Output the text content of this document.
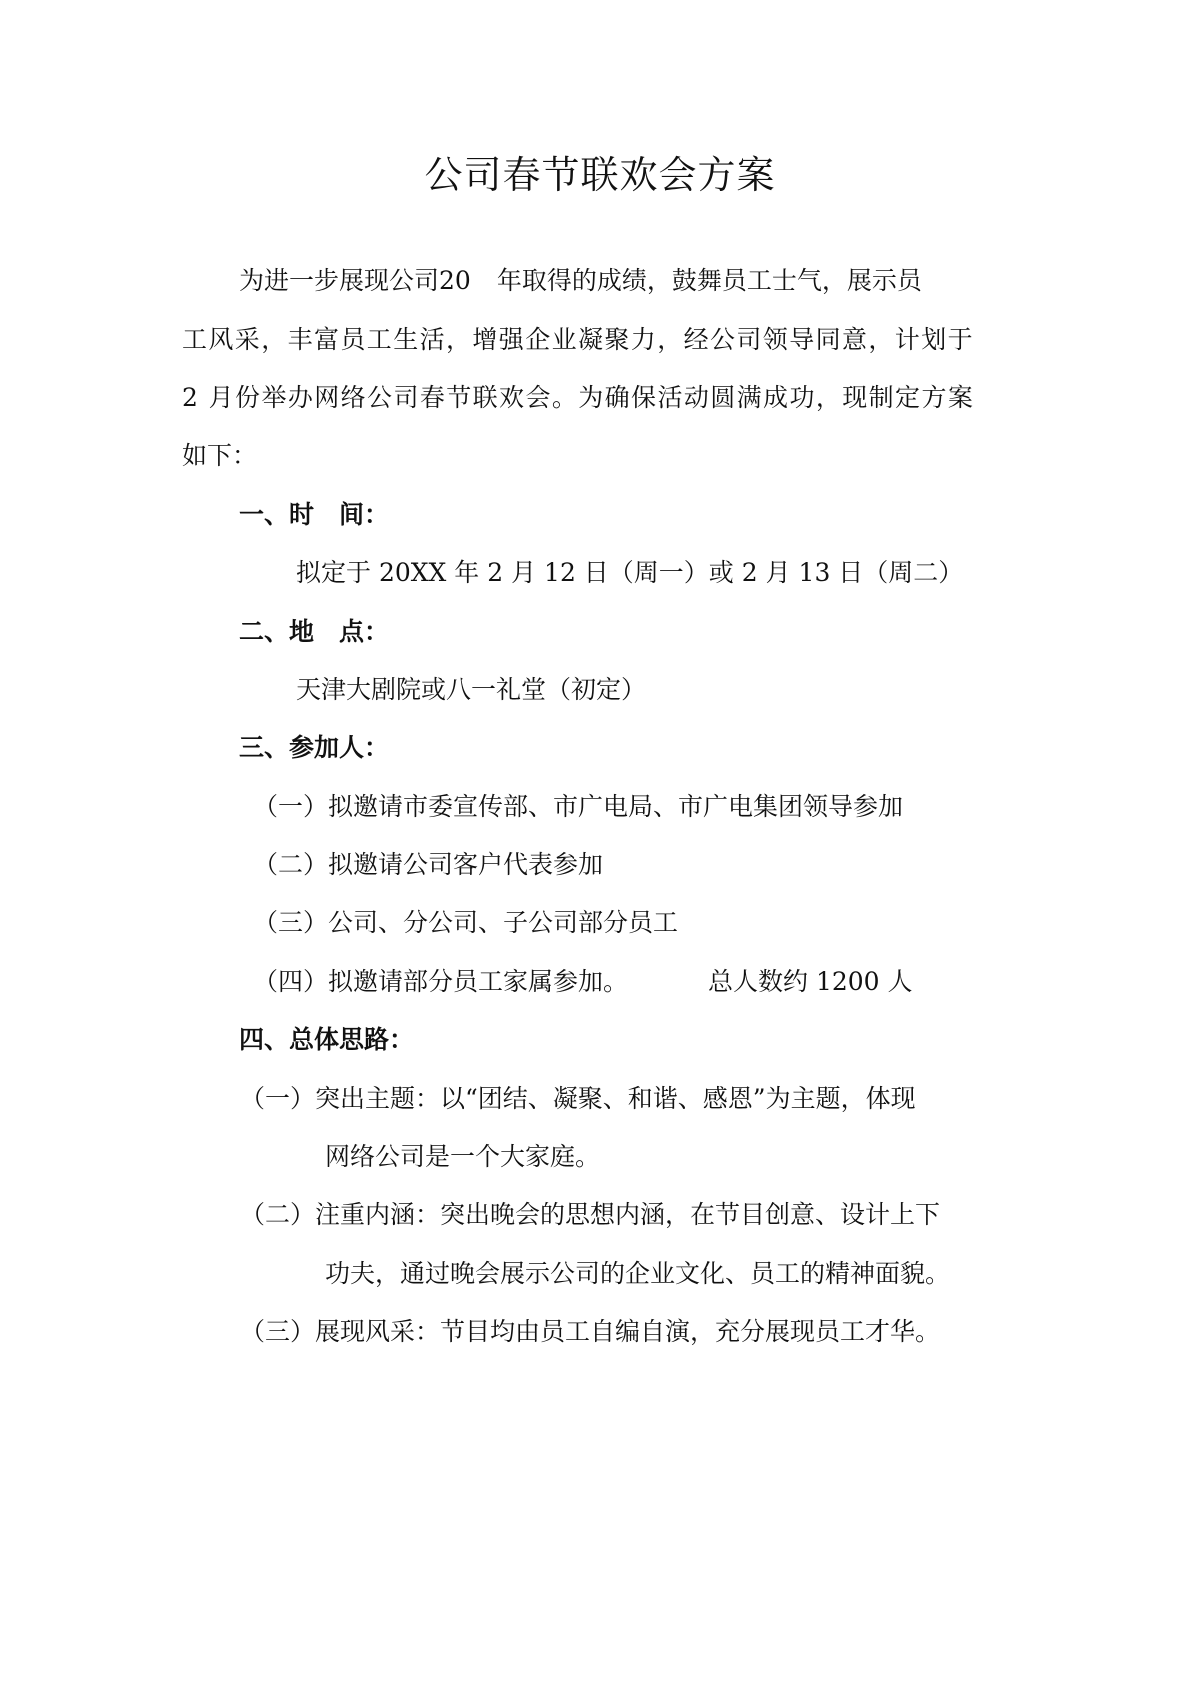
公司春节联欢会方案

为进一步展现公司20 年取得的成绩，鼓舞员工士气，展示员

工风采，丰富员工生活，增强企业凝聚力，经公司领导同意，计划于

2 月份举办网络公司春节联欢会。为确保活动圆满成功，现制定方案

如下：

一、时　间：

拟定于 20XX 年 2 月 12 日（周一）或 2 月 13 日（周二）

二、地　点：

天津大剧院或八一礼堂（初定）

三、参加人：

（一）拟邀请市委宣传部、市广电局、市广电集团领导参加

（二）拟邀请公司客户代表参加

（三）公司、分公司、子公司部分员工

（四）拟邀请部分员工家属参加。	总人数约 1200 人

四、总体思路：

（一）突出主题：以“团结、凝聚、和谐、感恩”为主题，体现

网络公司是一个大家庭。

（二）注重内涵：突出晚会的思想内涵，在节目创意、设计上下

功夫，通过晚会展示公司的企业文化、员工的精神面貌。

（三）展现风采：节目均由员工自编自演，充分展现员工才华。
